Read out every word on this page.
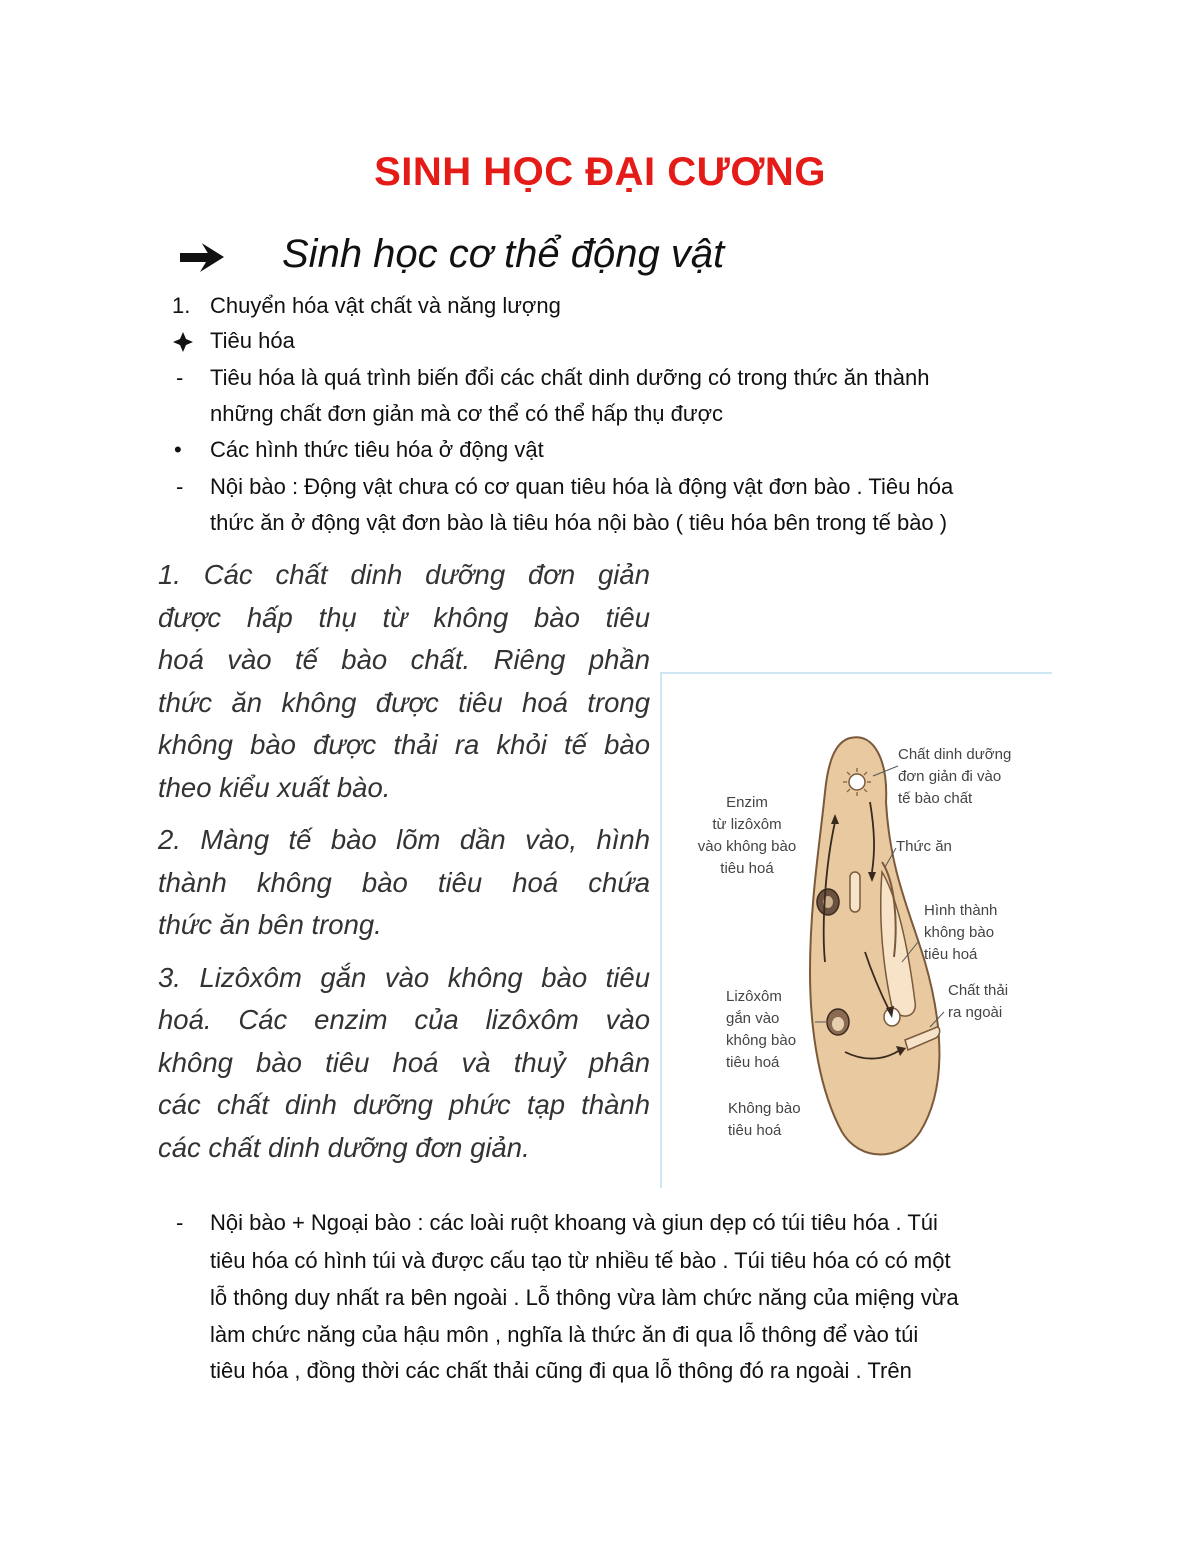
SINH HỌC ĐẠI CƯƠNG
Sinh học cơ thể động vật
1. Chuyển hóa vật chất và năng lượng
Tiêu hóa
- Tiêu hóa là quá trình biến đổi các chất dinh dưỡng có trong thức ăn thành
những chất đơn giản mà cơ thể có thể hấp thụ được
• Các hình thức tiêu hóa ở động vật
- Nội bào : Động vật chưa có cơ quan tiêu hóa là động vật đơn bào . Tiêu hóa
thức ăn ở động vật đơn bào là tiêu hóa nội bào ( tiêu hóa bên trong tế bào )
1. Các chất dinh dưỡng đơn giản
được hấp thụ từ không bào tiêu
hoá vào tế bào chất. Riêng phần
thức ăn không được tiêu hoá trong
không bào được thải ra khỏi tế bào
theo kiểu xuất bào.
2. Màng tế bào lõm dần vào, hình
thành không bào tiêu hoá chứa
thức ăn bên trong.
3. Lizôxôm gắn vào không bào tiêu
hoá. Các enzim của lizôxôm vào
không bào tiêu hoá và thuỷ phân
các chất dinh dưỡng phức tạp thành
các chất dinh dưỡng đơn giản.
Chất dinh dưỡng
đơn giản đi vào
tế bào chất
Enzim
từ lizôxôm
vào không bào
tiêu hoá
Thức ăn
Hình thành
không bào
tiêu hoá
Chất thải
ra ngoài
Lizôxôm
gắn vào
không bào
tiêu hoá
Không bào
tiêu hoá
- Nội bào + Ngoại bào : các loài ruột khoang và giun dẹp có túi tiêu hóa . Túi
tiêu hóa có hình túi và được cấu tạo từ nhiều tế bào . Túi tiêu hóa có có một
lỗ thông duy nhất ra bên ngoài . Lỗ thông vừa làm chức năng của miệng vừa
làm chức năng của hậu môn , nghĩa là thức ăn đi qua lỗ thông để vào túi
tiêu hóa , đồng thời các chất thải cũng đi qua lỗ thông đó ra ngoài . Trên
